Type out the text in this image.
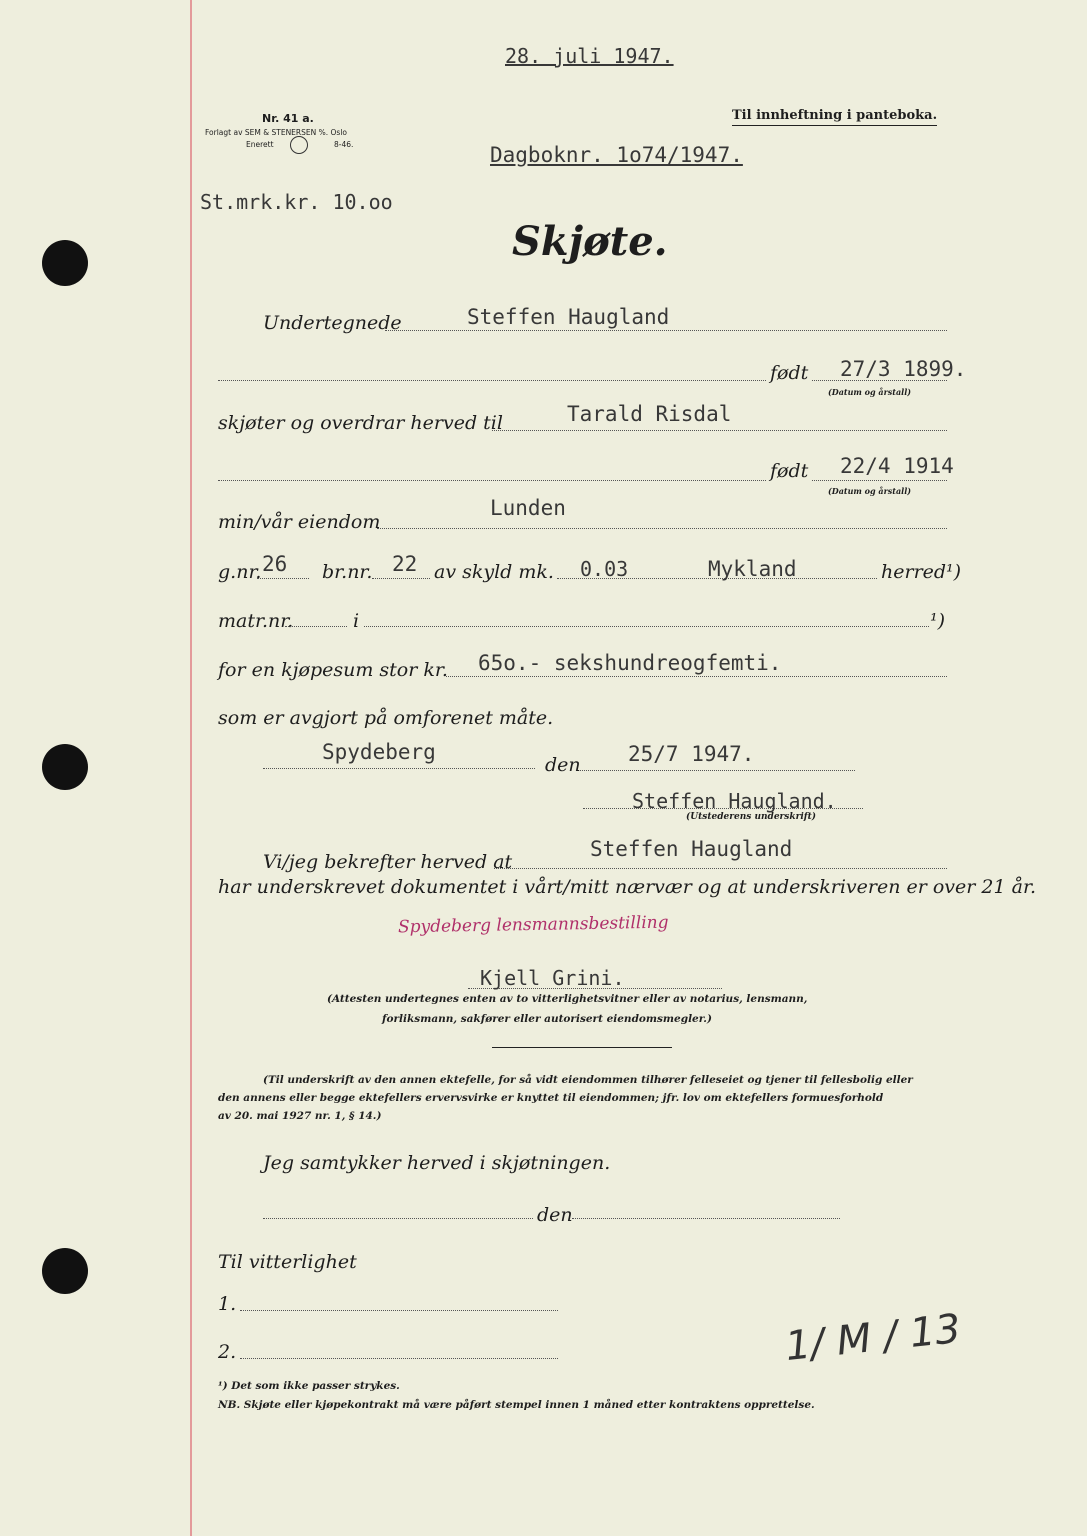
28. juli 1947.
Nr. 41 a.
Forlagt av SEM & STENERSEN %. Oslo
Enerett	8-46.
Til innheftning i panteboka.
Dagboknr. 1o74/1947.
St.mrk.kr. 10.oo
Skjøte.
Undertegnede	Steffen Haugland
født 27/3 1899.
(Datum og årstall)
skjøter og overdrar herved til	Tarald Risdal
født 22/4 1914
(Datum og årstall)
min/vår eiendom
Lunden
g.nr. 26 br.nr. 22 av skyld mk. 0.03	Mykland	herred¹)
matr.nr.	i	¹)
for en kjøpesum stor kr. 65o.- sekshundreogfemti.
som er avgjort på omforenet måte.
Spydeberg
den 25/7 1947.
Steffen Haugland.
(Utstederens underskrift)
Vi/jeg bekrefter herved at
Steffen Haugland
har underskrevet dokumentet i vårt/mitt nærvær og at underskriveren er over 21 år.
Spydeberg lensmannsbestilling
Kjell Grini.
(Attesten undertegnes enten av to vitterlighetsvitner eller av notarius, lensmann,
forliksmann, sakfører eller autorisert eiendomsmegler.)
(Til underskrift av den annen ektefelle, for så vidt eiendommen tilhører felleseiet og tjener til fellesbolig eller
den annens eller begge ektefellers ervervsvirke er knyttet til eiendommen; jfr. lov om ektefellers formuesforhold
av 20. mai 1927 nr. 1, § 14.)
Jeg samtykker herved i skjøtningen.
den
Til vitterlighet
1.
2.	1/ M / 13
¹) Det som ikke passer strykes.
NB. Skjøte eller kjøpekontrakt må være påført stempel innen 1 måned etter kontraktens opprettelse.
